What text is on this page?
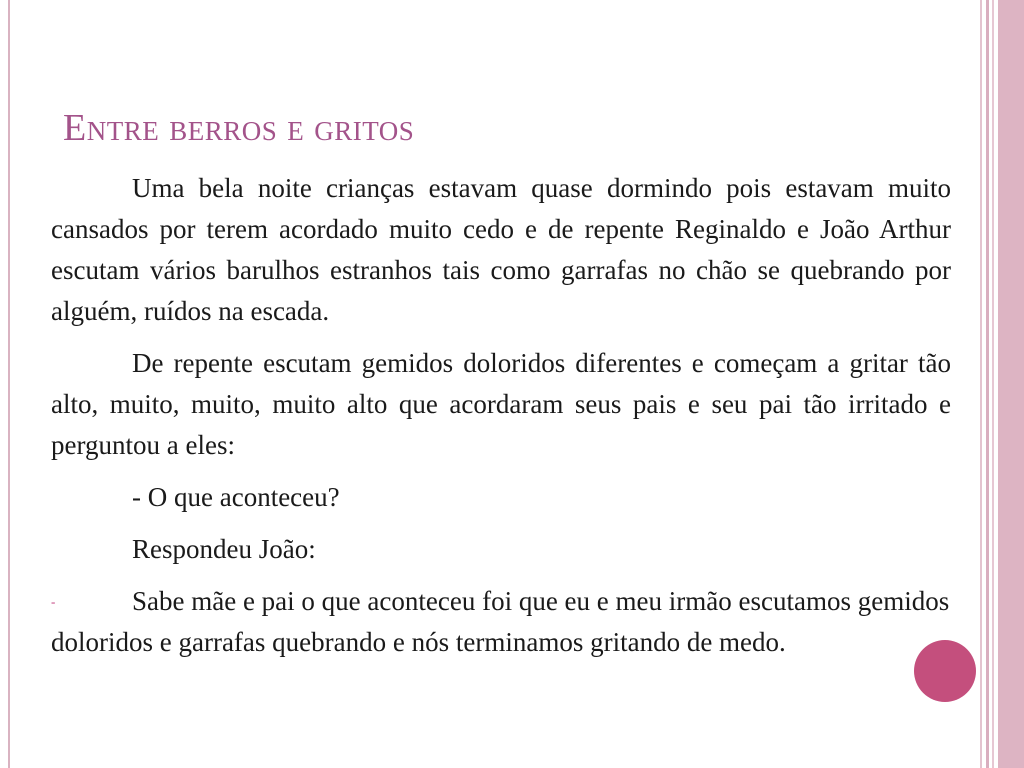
Entre berros e gritos

Uma bela noite crianças estavam quase dormindo pois estavam muito cansados por terem acordado muito cedo e de repente Reginaldo e João Arthur escutam vários barulhos estranhos tais como garrafas no chão se quebrando por alguém, ruídos na escada.

De repente escutam gemidos doloridos diferentes e começam a gritar tão alto, muito, muito, muito alto que acordaram seus pais e seu pai tão irritado e perguntou a eles:

- O que aconteceu?

Respondeu João:

-	Sabe mãe e pai o que aconteceu foi que eu e meu irmão escutamos gemidos doloridos e garrafas quebrando e nós terminamos gritando de medo.
